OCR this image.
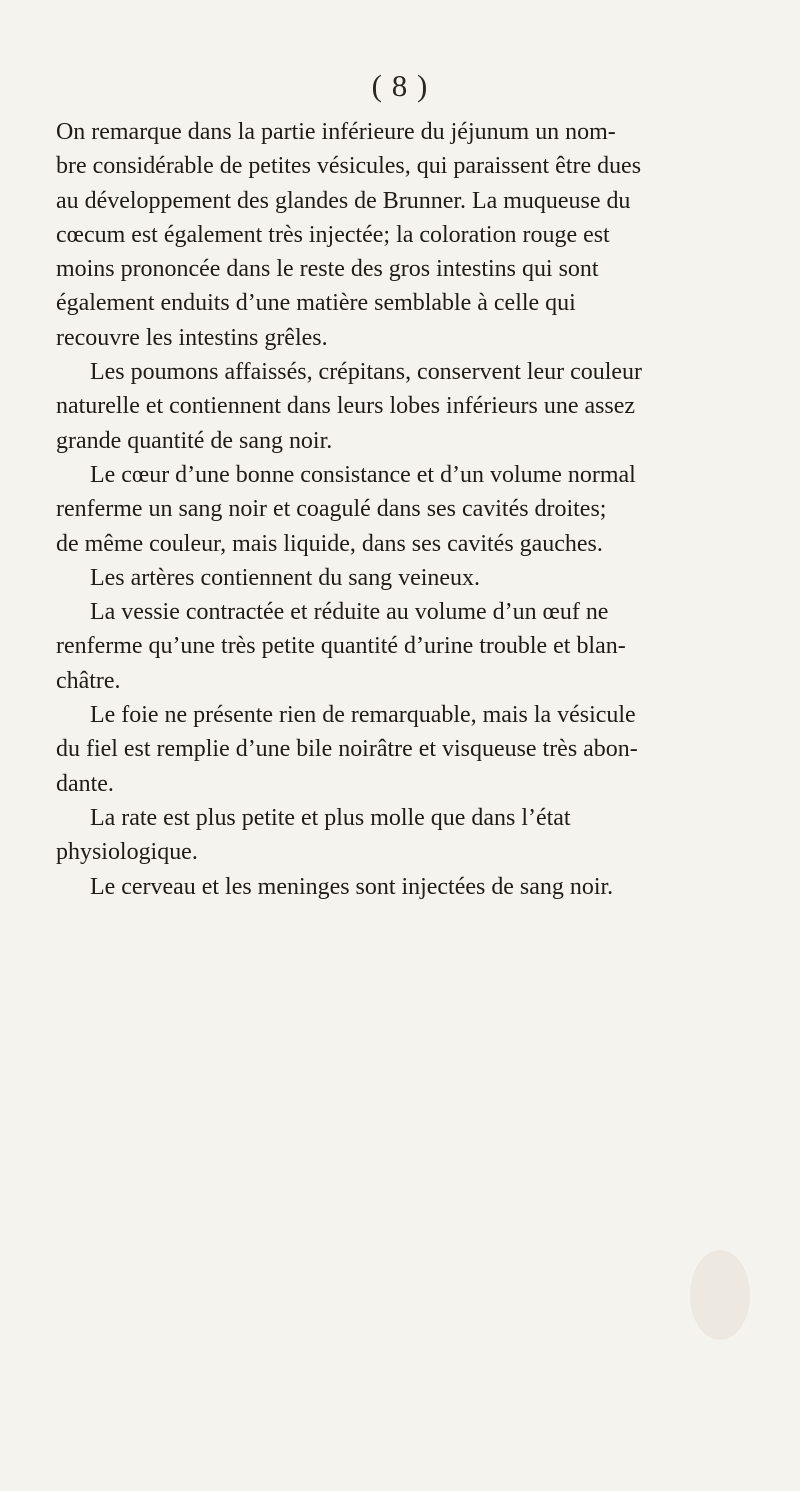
( 8 )
On remarque dans la partie inférieure du jéjunum un nom-
bre considérable de petites vésicules, qui paraissent être dues
au développement des glandes de Brunner. La muqueuse du
cœcum est également très injectée; la coloration rouge est
moins prononcée dans le reste des gros intestins qui sont
également enduits d’une matière semblable à celle qui
recouvre les intestins grêles.
Les poumons affaissés, crépitans, conservent leur couleur
naturelle et contiennent dans leurs lobes inférieurs une assez
grande quantité de sang noir.
Le cœur d’une bonne consistance et d’un volume normal
renferme un sang noir et coagulé dans ses cavités droites;
de même couleur, mais liquide, dans ses cavités gauches.
Les artères contiennent du sang veineux.
La vessie contractée et réduite au volume d’un œuf ne
renferme qu’une très petite quantité d’urine trouble et blan-
châtre.
Le foie ne présente rien de remarquable, mais la vésicule
du fiel est remplie d’une bile noirâtre et visqueuse très abon-
dante.
La rate est plus petite et plus molle que dans l’état
physiologique.
Le cerveau et les meninges sont injectées de sang noir.
